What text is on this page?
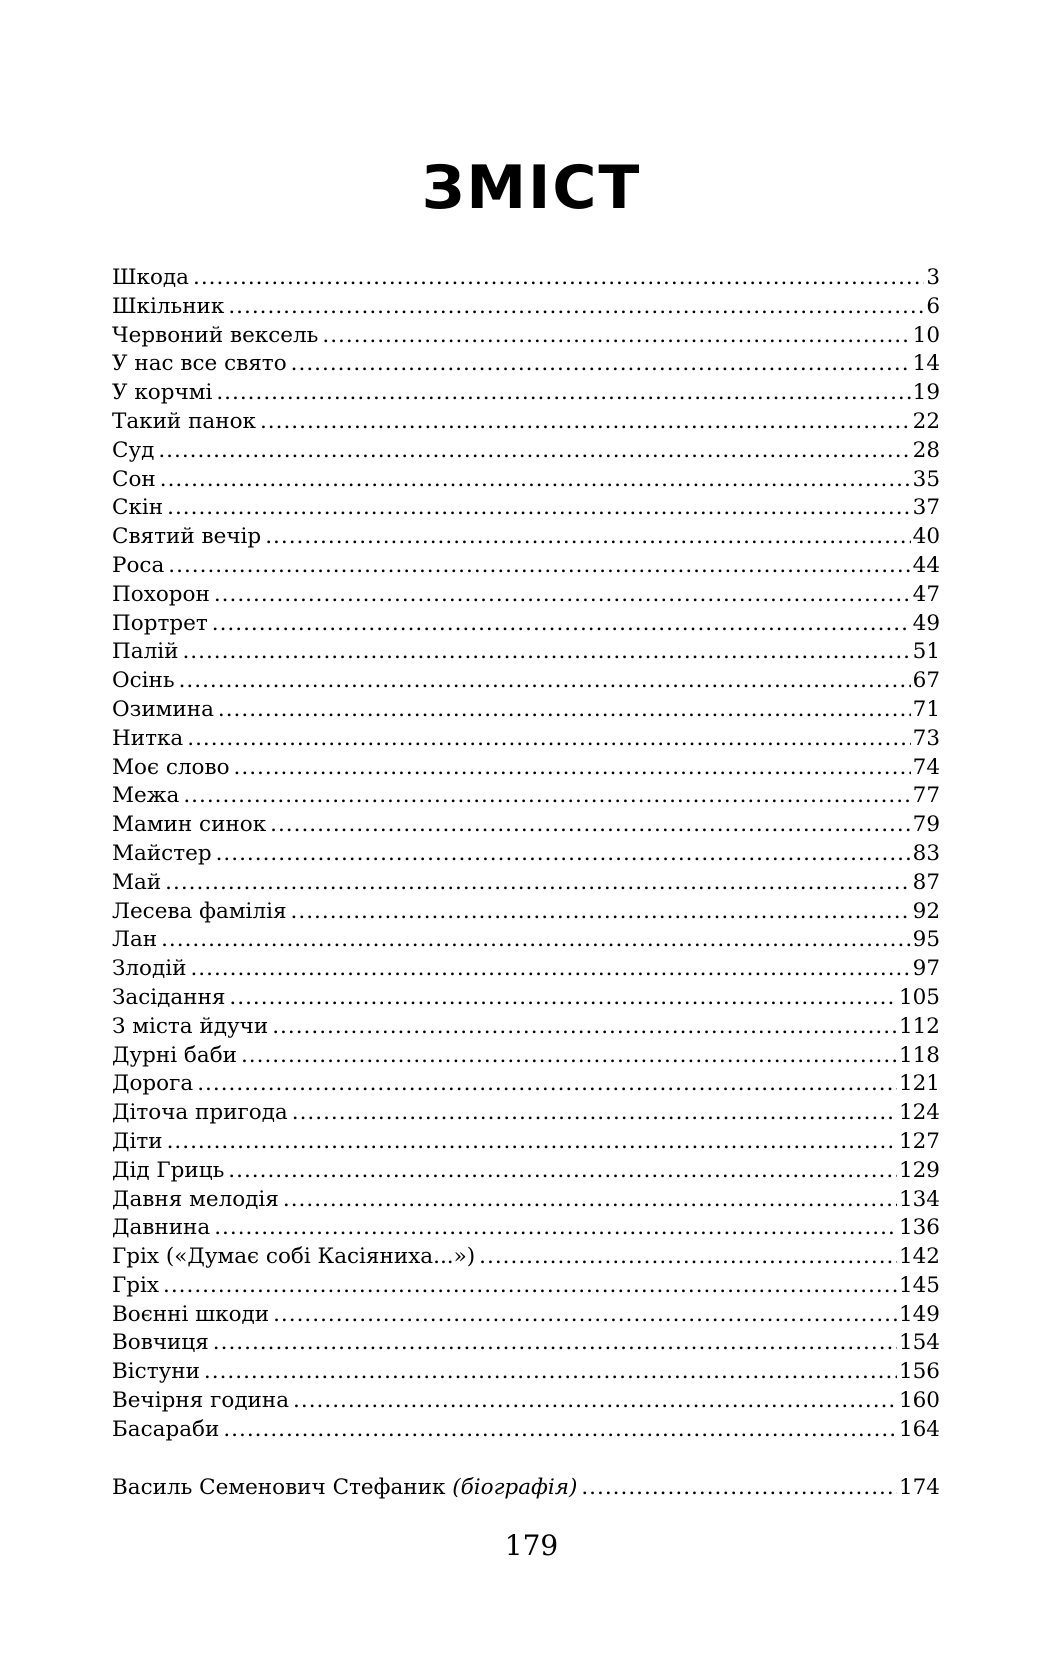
ЗМІСТ
Шкода .....	3
Шкільник .....	6
Червоний вексель .....	10
У нас все свято .....	14
У корчмі .....	19
Такий панок .....	22
Суд .....	28
Сон .....	35
Скін .....	37
Святий вечір .....	40
Роса .....	44
Похорон .....	47
Портрет .....	49
Палій .....	51
Осінь .....	67
Озимина .....	71
Нитка .....	73
Моє слово .....	74
Межа .....	77
Мамин синок .....	79
Майстер .....	83
Май .....	87
Лесева фамілія .....	92
Лан .....	95
Злодій .....	97
Засідання .....	105
З міста йдучи .....	112
Дурні баби .....	118
Дорога .....	121
Діточа пригода .....	124
Діти .....	127
Дід Гриць .....	129
Давня мелодія .....	134
Давнина .....	136
Гріх («Думає собі Касіяниха...») .....	142
Гріх .....	145
Воєнні шкоди .....	149
Вовчиця .....	154
Вістуни .....	156
Вечірня година .....	160
Басараби .....	164
Василь Семенович Стефаник (біографія) .....	174
179
